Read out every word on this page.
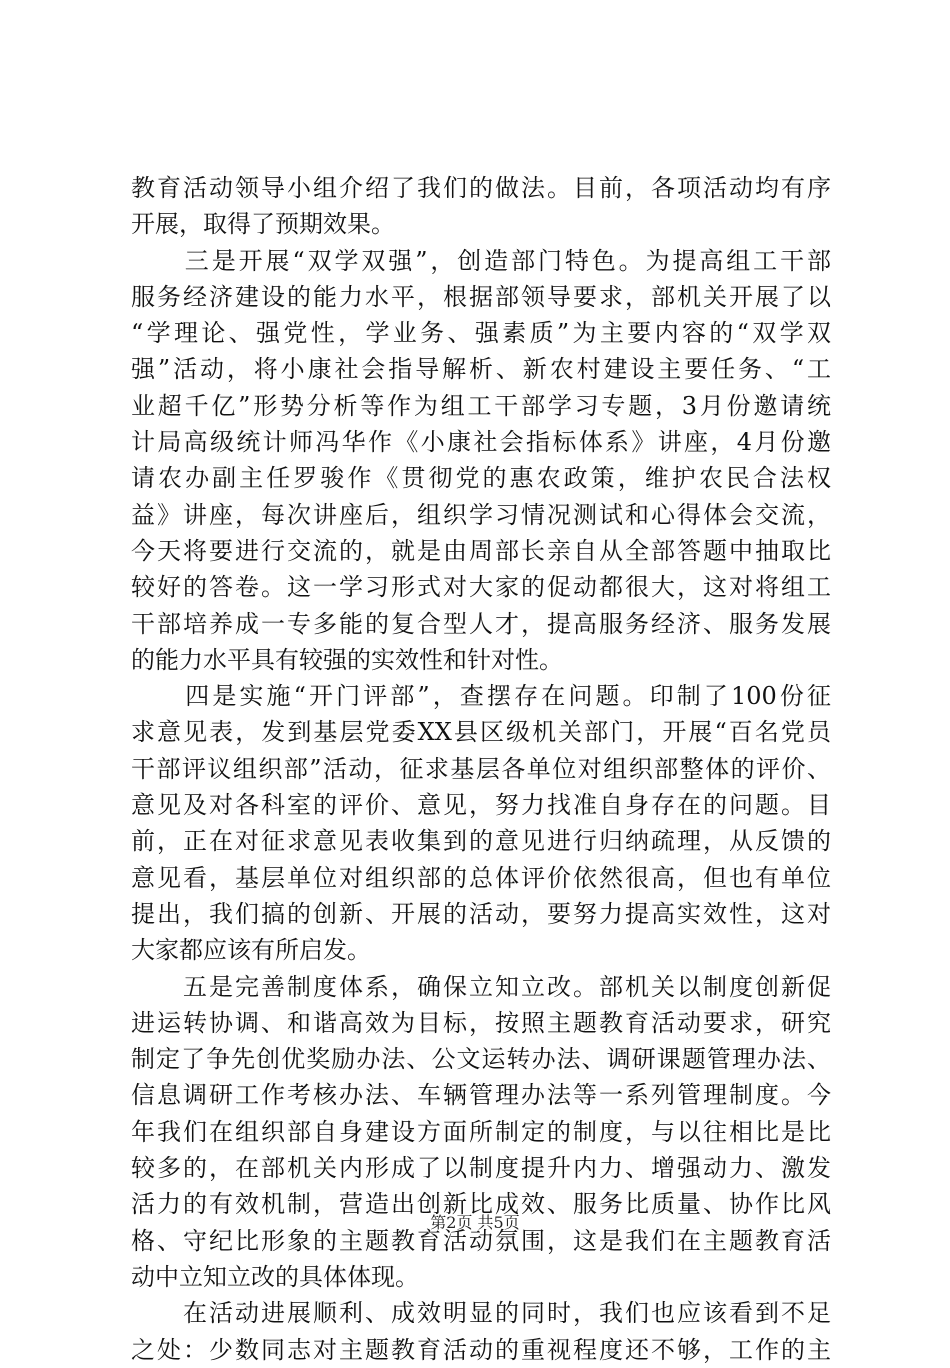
教育活动领导小组介绍了我们的做法。目前，各项活动均有序
开展，取得了预期效果。
　　三是开展“双学双强”，创造部门特色。为提高组工干部
服务经济建设的能力水平，根据部领导要求，部机关开展了以
“学理论、强党性，学业务、强素质”为主要内容的“双学双
强”活动，将小康社会指导解析、新农村建设主要任务、“工
业超千亿”形势分析等作为组工干部学习专题，3月份邀请统
计局高级统计师冯华作《小康社会指标体系》讲座，4月份邀
请农办副主任罗骏作《贯彻党的惠农政策，维护农民合法权
益》讲座，每次讲座后，组织学习情况测试和心得体会交流，
今天将要进行交流的，就是由周部长亲自从全部答题中抽取比
较好的答卷。这一学习形式对大家的促动都很大，这对将组工
干部培养成一专多能的复合型人才，提高服务经济、服务发展
的能力水平具有较强的实效性和针对性。
　　四是实施“开门评部”，查摆存在问题。印制了100份征
求意见表，发到基层党委XX县区级机关部门，开展“百名党员
干部评议组织部”活动，征求基层各单位对组织部整体的评价、
意见及对各科室的评价、意见，努力找准自身存在的问题。目
前，正在对征求意见表收集到的意见进行归纳疏理，从反馈的
意见看，基层单位对组织部的总体评价依然很高，但也有单位
提出，我们搞的创新、开展的活动，要努力提高实效性，这对
大家都应该有所启发。
　　五是完善制度体系，确保立知立改。部机关以制度创新促
进运转协调、和谐高效为目标，按照主题教育活动要求，研究
制定了争先创优奖励办法、公文运转办法、调研课题管理办法、
信息调研工作考核办法、车辆管理办法等一系列管理制度。今
年我们在组织部自身建设方面所制定的制度，与以往相比是比
较多的，在部机关内形成了以制度提升内力、增强动力、激发
活力的有效机制，营造出创新比成效、服务比质量、协作比风
格、守纪比形象的主题教育活动氛围，这是我们在主题教育活
动中立知立改的具体体现。
　　在活动进展顺利、成效明显的同时，我们也应该看到不足
之处：少数同志对主题教育活动的重视程度还不够，工作的主
第2页 共5页
